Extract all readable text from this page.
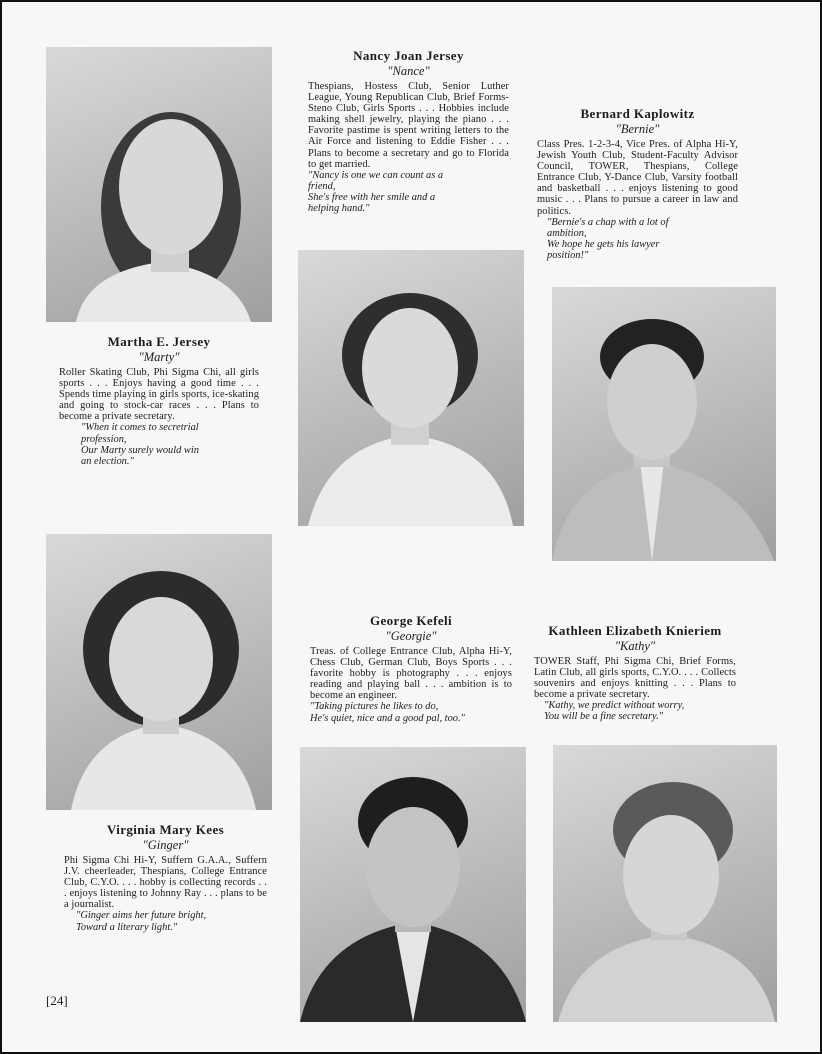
Martha E. Jersey

"Marty"

Roller Skating Club, Phi Sigma Chi, all girls sports . . . Enjoys having a good time . . . Spends time playing in girls sports, ice-skating and going to stock-car races . . . Plans to become a private secretary.

"When it comes to secretrial
profession,
Our Marty surely would win
an election."

Nancy Joan Jersey

"Nance"

Thespians, Hostess Club, Senior Luther League, Young Republican Club, Brief Forms-Steno Club, Girls Sports . . . Hobbies include making shell jewelry, playing the piano . . . Favorite pastime is spent writing letters to the Air Force and listening to Eddie Fisher . . . Plans to become a secretary and go to Florida to get married.

"Nancy is one we can count as a
friend,
She's free with her smile and a
helping hand."

Bernard Kaplowitz

"Bernie"

Class Pres. 1-2-3-4, Vice Pres. of Alpha Hi-Y, Jewish Youth Club, Student-Faculty Advisor Council, TOWER, Thespians, College Entrance Club, Y-Dance Club, Varsity football and basketball . . . enjoys listening to good music . . . Plans to pursue a career in law and politics.

"Bernie's a chap with a lot of
ambition,
We hope he gets his lawyer
position!"

Virginia Mary Kees

"Ginger"

Phi Sigma Chi Hi-Y, Suffern G.A.A., Suffern J.V. cheerleader, Thespians, College Entrance Club, C.Y.O. . . . hobby is collecting records . . . enjoys listening to Johnny Ray . . . plans to be a journalist.

"Ginger aims her future bright,
Toward a literary light."

George Kefeli

"Georgie"

Treas. of College Entrance Club, Alpha Hi-Y, Chess Club, German Club, Boys Sports . . . favorite hobby is photography . . . enjoys reading and playing ball . . . ambition is to become an engineer.

"Taking pictures he likes to do,
He's quiet, nice and a good pal, too."

Kathleen Elizabeth Knieriem

"Kathy"

TOWER Staff, Phi Sigma Chi, Brief Forms, Latin Club, all girls sports, C.Y.O. . . . Collects souvenirs and enjoys knitting . . . Plans to become a private secretary.

"Kathy, we predict without worry,
You will be a fine secretary."

[24]
